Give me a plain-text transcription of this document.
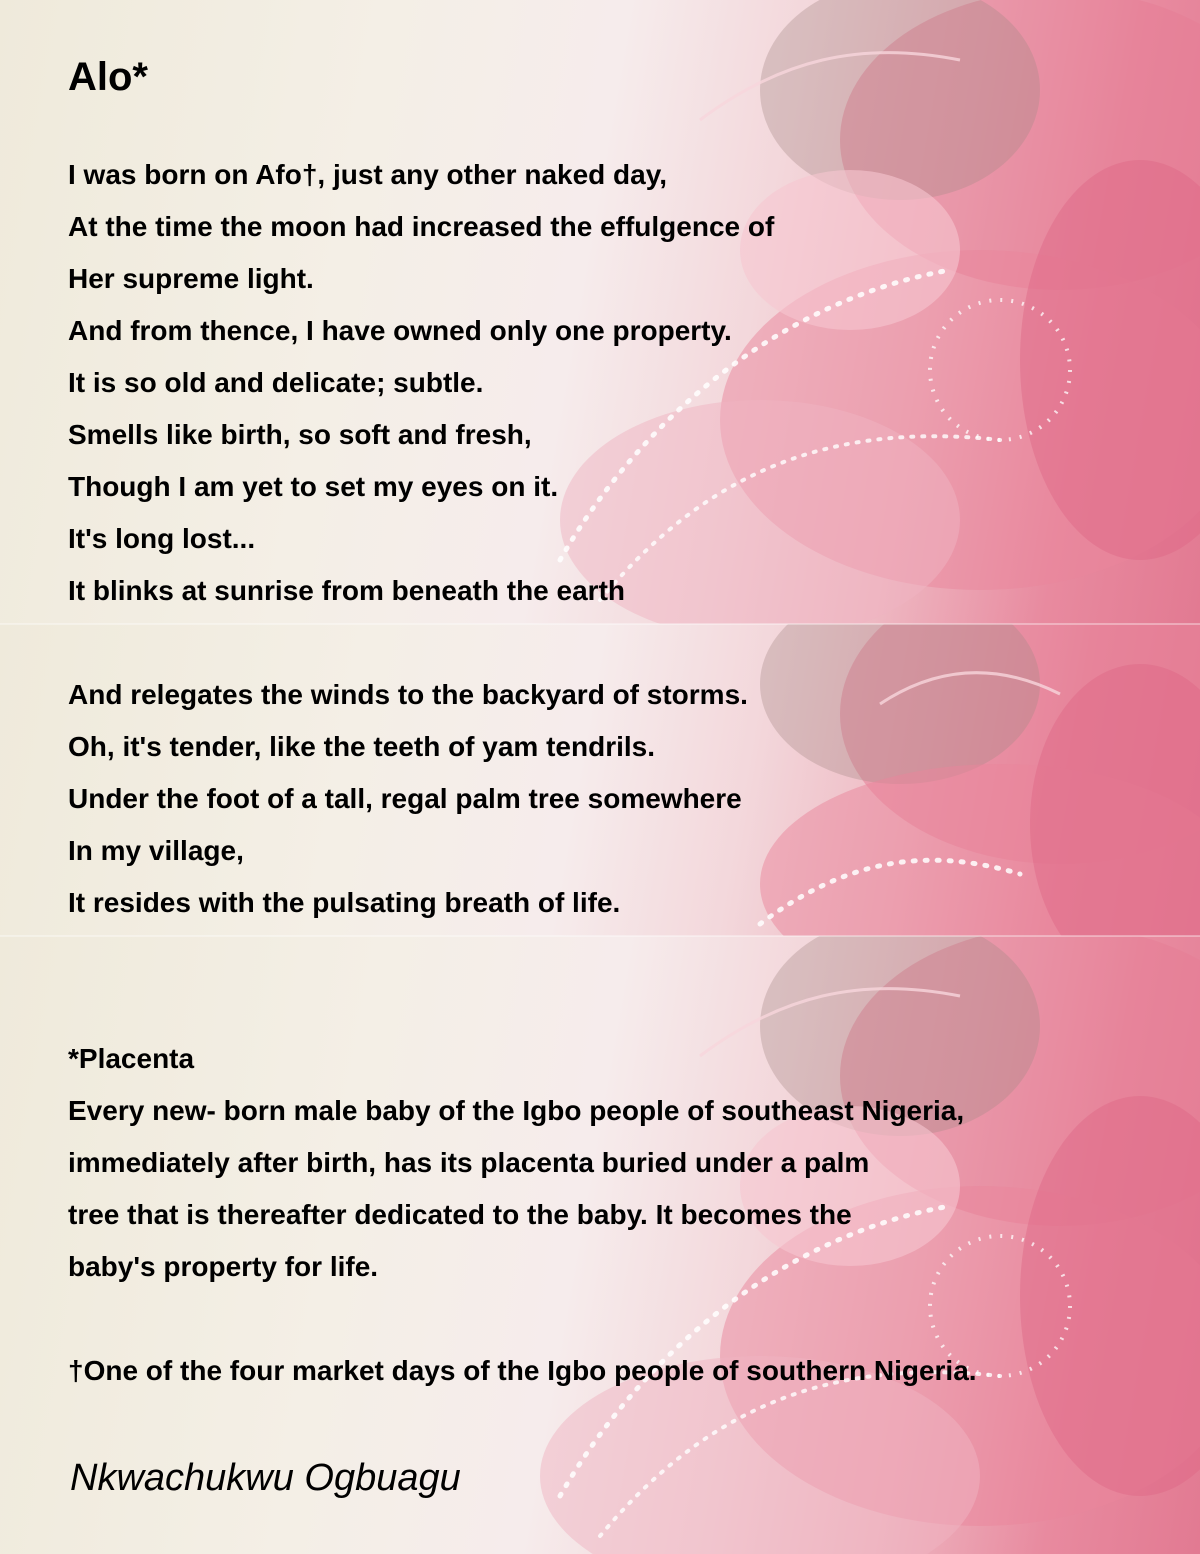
Alo*

I was born on Afo†, just any other naked day,

At the time the moon had increased the effulgence of

Her supreme light.

And from thence, I have owned only one property.

It is so old and delicate; subtle.

Smells like birth, so soft and fresh,

Though I am yet to set my eyes on it.

It's long lost...

It blinks at sunrise from beneath the earth

And relegates the winds to the backyard of storms.

Oh, it's tender, like the teeth of yam tendrils.

Under the foot of a tall, regal palm tree somewhere

In my village,

It resides with the pulsating breath of life.

*Placenta

Every new- born male baby of the Igbo people of southeast Nigeria,

immediately after birth, has its placenta buried under a palm

tree that is thereafter dedicated to the baby. It becomes the

baby's property for life.

†One of the four market days of the Igbo people of southern Nigeria.

Nkwachukwu Ogbuagu
